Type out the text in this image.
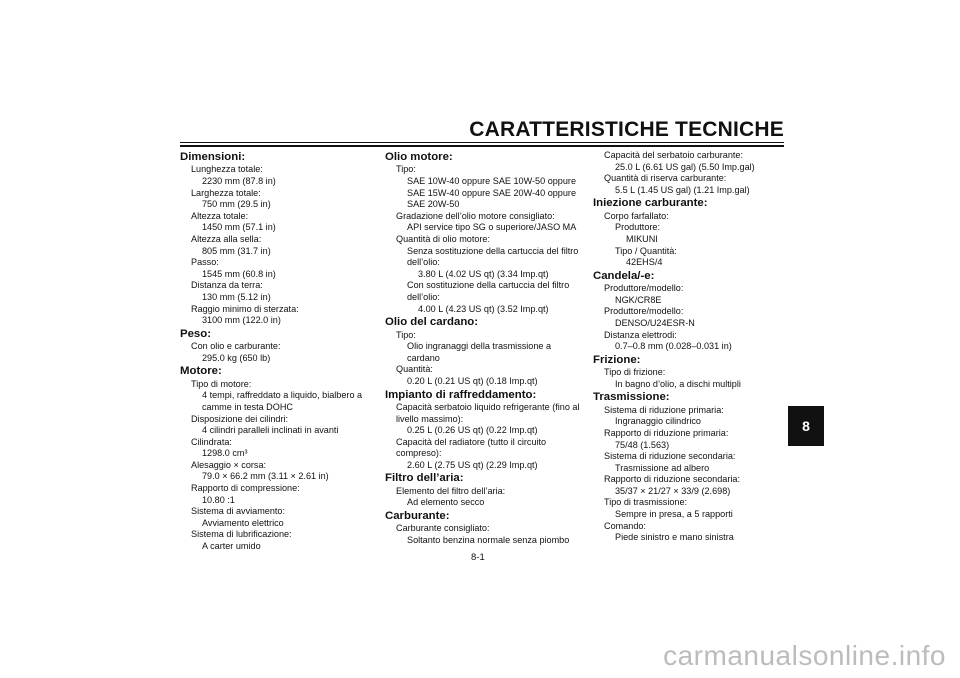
CARATTERISTICHE TECNICHE
Dimensioni:
Lunghezza totale:
2230 mm (87.8 in)
Larghezza totale:
750 mm (29.5 in)
Altezza totale:
1450 mm (57.1 in)
Altezza alla sella:
805 mm (31.7 in)
Passo:
1545 mm (60.8 in)
Distanza da terra:
130 mm (5.12 in)
Raggio minimo di sterzata:
3100 mm (122.0 in)
Peso:
Con olio e carburante:
295.0 kg (650 lb)
Motore:
Tipo di motore:
4 tempi, raffreddato a liquido, bialbero a
camme in testa DOHC
Disposizione dei cilindri:
4 cilindri paralleli inclinati in avanti
Cilindrata:
1298.0 cm³
Alesaggio × corsa:
79.0 × 66.2 mm (3.11 × 2.61 in)
Rapporto di compressione:
10.80 :1
Sistema di avviamento:
Avviamento elettrico
Sistema di lubrificazione:
A carter umido
Olio motore:
Tipo:
SAE 10W-40 oppure SAE 10W-50 oppure
SAE 15W-40 oppure SAE 20W-40 oppure
SAE 20W-50
Gradazione dell’olio motore consigliato:
API service tipo SG o superiore/JASO MA
Quantità di olio motore:
Senza sostituzione della cartuccia del filtro
dell’olio:
3.80 L (4.02 US qt) (3.34 Imp.qt)
Con sostituzione della cartuccia del filtro
dell’olio:
4.00 L (4.23 US qt) (3.52 Imp.qt)
Olio del cardano:
Tipo:
Olio ingranaggi della trasmissione a
cardano
Quantità:
0.20 L (0.21 US qt) (0.18 Imp.qt)
Impianto di raffreddamento:
Capacità serbatoio liquido refrigerante (fino al
livello massimo):
0.25 L (0.26 US qt) (0.22 Imp.qt)
Capacità del radiatore (tutto il circuito
compreso):
2.60 L (2.75 US qt) (2.29 Imp.qt)
Filtro dell’aria:
Elemento del filtro dell’aria:
Ad elemento secco
Carburante:
Carburante consigliato:
Soltanto benzina normale senza piombo
Capacità del serbatoio carburante:
25.0 L (6.61 US gal) (5.50 Imp.gal)
Quantità di riserva carburante:
5.5 L (1.45 US gal) (1.21 Imp.gal)
Iniezione carburante:
Corpo farfallato:
Produttore:
MIKUNI
Tipo / Quantità:
42EHS/4
Candela/-e:
Produttore/modello:
NGK/CR8E
Produttore/modello:
DENSO/U24ESR-N
Distanza elettrodi:
0.7–0.8 mm (0.028–0.031 in)
Frizione:
Tipo di frizione:
In bagno d’olio, a dischi multipli
Trasmissione:
Sistema di riduzione primaria:
Ingranaggio cilindrico
Rapporto di riduzione primaria:
75/48 (1.563)
Sistema di riduzione secondaria:
Trasmissione ad albero
Rapporto di riduzione secondaria:
35/37 × 21/27 × 33/9 (2.698)
Tipo di trasmissione:
Sempre in presa, a 5 rapporti
Comando:
Piede sinistro e mano sinistra
8
8-1
carmanualsonline.info
